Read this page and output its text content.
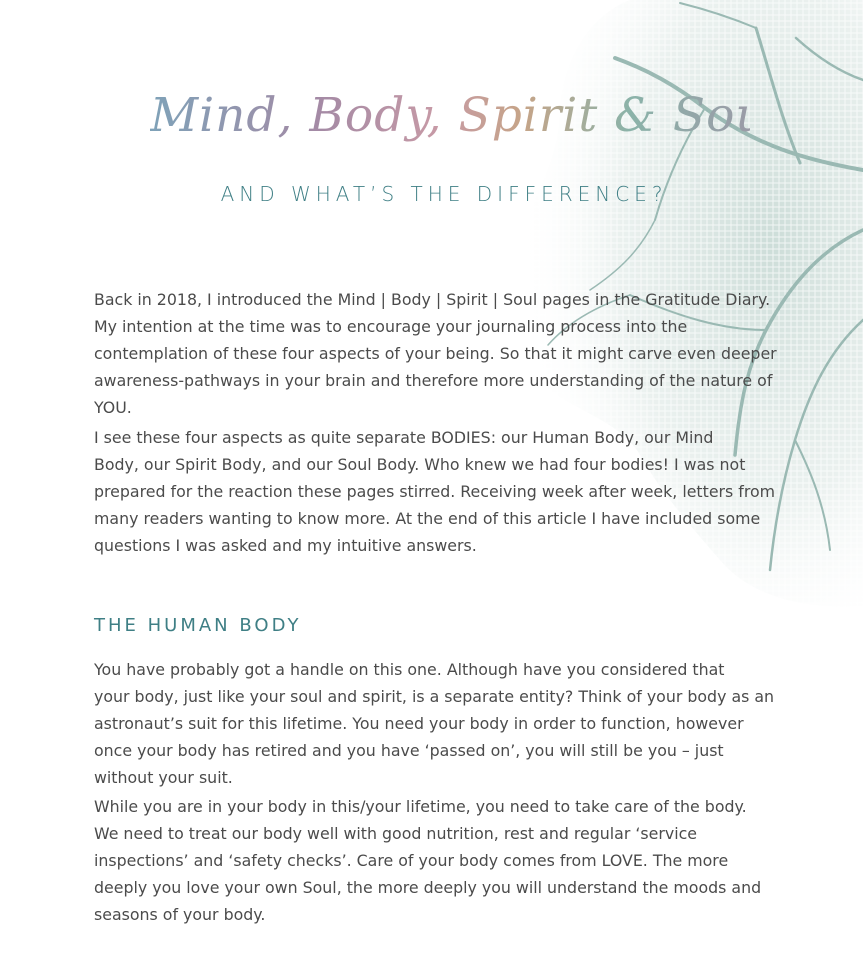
Mind, Body, Spirit & Soul
AND WHAT’S THE DIFFERENCE?
Back in 2018, I introduced the Mind | Body | Spirit | Soul pages in the Gratitude Diary.
My intention at the time was to encourage your journaling process into the
contemplation of these four aspects of your being. So that it might carve even deeper
awareness-pathways in your brain and therefore more understanding of the nature of
YOU.
I see these four aspects as quite separate BODIES: our Human Body, our Mind
Body, our Spirit Body, and our Soul Body. Who knew we had four bodies! I was not
prepared for the reaction these pages stirred. Receiving week after week, letters from
many readers wanting to know more. At the end of this article I have included some
questions I was asked and my intuitive answers.
THE HUMAN BODY
You have probably got a handle on this one. Although have you considered that
your body, just like your soul and spirit, is a separate entity? Think of your body as an
astronaut’s suit for this lifetime. You need your body in order to function, however
once your body has retired and you have ‘passed on’, you will still be you – just
without your suit.
While you are in your body in this/your lifetime, you need to take care of the body.
We need to treat our body well with good nutrition, rest and regular ‘service
inspections’ and ‘safety checks’. Care of your body comes from LOVE. The more
deeply you love your own Soul, the more deeply you will understand the moods and
seasons of your body.
